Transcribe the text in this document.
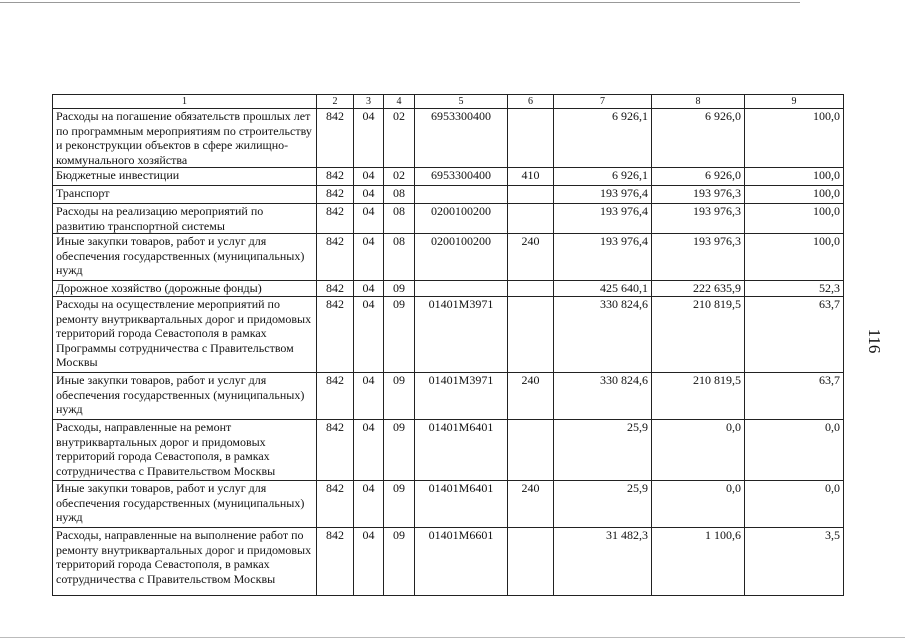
116
1	2	3	4	5	6	7	8	9
Расходы на погашение обязательств прошлых лет по программным мероприятиям по строительству и реконструкции объектов в сфере жилищно-коммунального хозяйства	842	04	02	6953300400		6 926,1	6 926,0	100,0
Бюджетные инвестиции	842	04	02	6953300400	410	6 926,1	6 926,0	100,0
Транспорт	842	04	08			193 976,4	193 976,3	100,0
Расходы на реализацию мероприятий по развитию транспортной системы	842	04	08	0200100200		193 976,4	193 976,3	100,0
Иные закупки товаров, работ и услуг для обеспечения государственных (муниципальных) нужд	842	04	08	0200100200	240	193 976,4	193 976,3	100,0
Дорожное хозяйство (дорожные фонды)	842	04	09			425 640,1	222 635,9	52,3
Расходы на осуществление мероприятий по ремонту внутриквартальных дорог и придомовых территорий города Севастополя в рамках Программы сотрудничества с Правительством Москвы	842	04	09	01401M3971		330 824,6	210 819,5	63,7
Иные закупки товаров, работ и услуг для обеспечения государственных (муниципальных) нужд	842	04	09	01401M3971	240	330 824,6	210 819,5	63,7
Расходы, направленные на ремонт внутриквартальных дорог и придомовых территорий города Севастополя, в рамках сотрудничества с Правительством Москвы	842	04	09	01401M6401		25,9	0,0	0,0
Иные закупки товаров, работ и услуг для обеспечения государственных (муниципальных) нужд	842	04	09	01401M6401	240	25,9	0,0	0,0
Расходы, направленные на выполнение работ по ремонту внутриквартальных дорог и придомовых территорий города Севастополя, в рамках сотрудничества с Правительством Москвы	842	04	09	01401M6601		31 482,3	1 100,6	3,5
